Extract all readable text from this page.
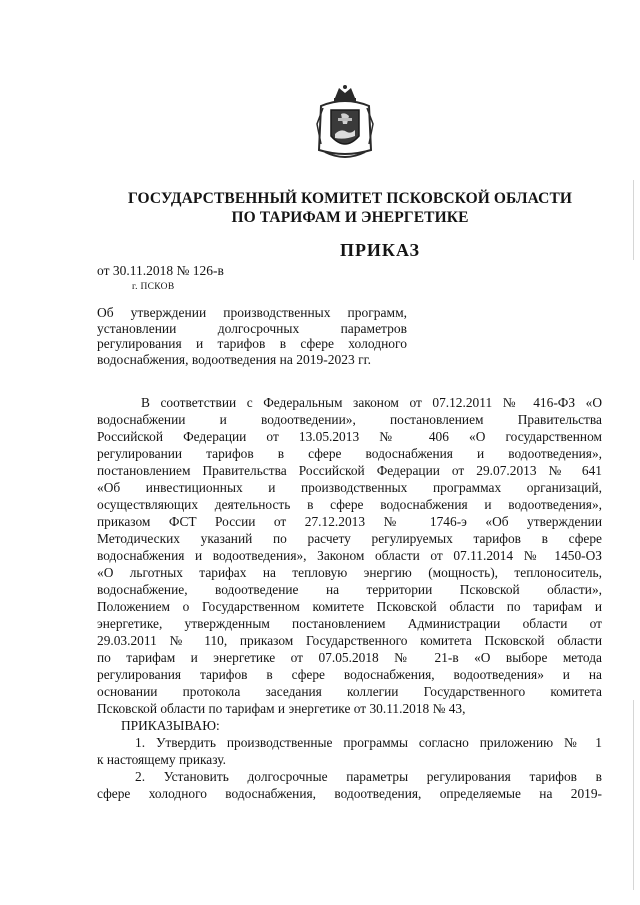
ГОСУДАРСТВЕННЫЙ КОМИТЕТ ПСКОВСКОЙ ОБЛАСТИ
ПО ТАРИФАМ И ЭНЕРГЕТИКЕ
ПРИКАЗ
от 30.11.2018 № 126-в
г. ПСКОВ
Об утверждении производственных программ,
установлении долгосрочных параметров
регулирования и тарифов в сфере холодного
водоснабжения, водоотведения на 2019-2023 гг.
В соответствии с Федеральным законом от 07.12.2011 № 416-ФЗ «О
водоснабжении и водоотведении», постановлением Правительства
Российской Федерации от 13.05.2013 № 406 «О государственном
регулировании тарифов в сфере водоснабжения и водоотведения»,
постановлением Правительства Российской Федерации от 29.07.2013 № 641
«Об инвестиционных и производственных программах организаций,
осуществляющих деятельность в сфере водоснабжения и водоотведения»,
приказом ФСТ России от 27.12.2013 № 1746-э «Об утверждении
Методических указаний по расчету регулируемых тарифов в сфере
водоснабжения и водоотведения», Законом области от 07.11.2014 № 1450-ОЗ
«О льготных тарифах на тепловую энергию (мощность), теплоноситель,
водоснабжение, водоотведение на территории Псковской области»,
Положением о Государственном комитете Псковской области по тарифам и
энергетике, утвержденным постановлением Администрации области от
29.03.2011 № 110, приказом Государственного комитета Псковской области
по тарифам и энергетике от 07.05.2018 № 21-в «О выборе метода
регулирования тарифов в сфере водоснабжения, водоотведения» и на
основании протокола заседания коллегии Государственного комитета
Псковской области по тарифам и энергетике от 30.11.2018 № 43,
ПРИКАЗЫВАЮ:
1. Утвердить производственные программы согласно приложению № 1
к настоящему приказу.
2. Установить долгосрочные параметры регулирования тарифов в
сфере холодного водоснабжения, водоотведения, определяемые на 2019-
